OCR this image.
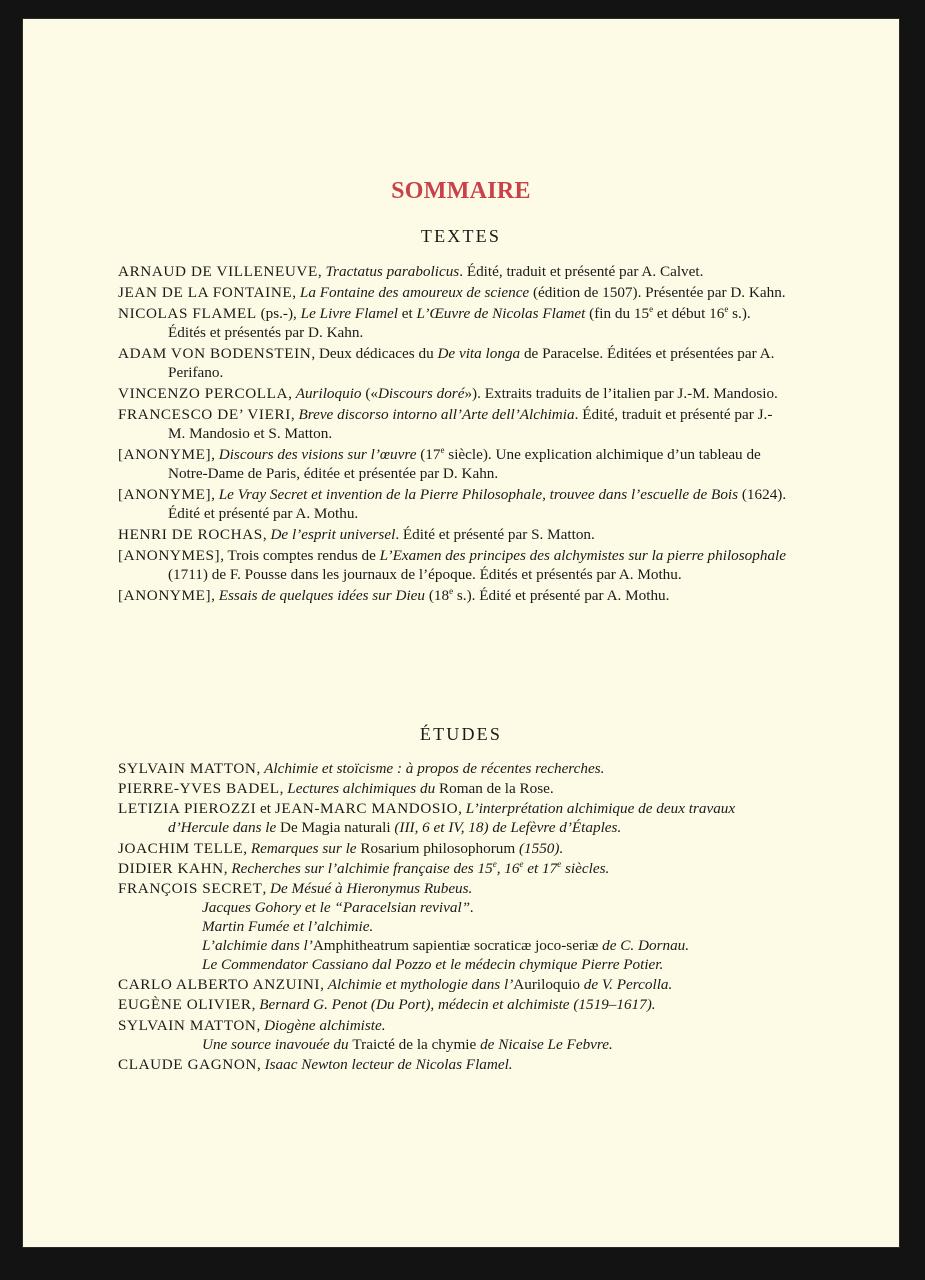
SOMMAIRE
TEXTES

ARNAUD DE VILLENEUVE, Tractatus parabolicus. Édité, traduit et présenté par A. Calvet.

JEAN DE LA FONTAINE, La Fontaine des amoureux de science (édition de 1507). Présentée par D. Kahn.

NICOLAS FLAMEL (ps.-), Le Livre Flamel et L’Œuvre de Nicolas Flamet (fin du 15e et début 16e s.). Édités et présentés par D. Kahn.

ADAM VON BODENSTEIN, Deux dédicaces du De vita longa de Paracelse. Éditées et présentées par A. Perifano.

VINCENZO PERCOLLA, Auriloquio («Discours doré»). Extraits traduits de l’italien par J.-M. Mandosio.

FRANCESCO DE’ VIERI, Breve discorso intorno all’Arte dell’Alchimia. Édité, traduit et présenté par J.-M. Mandosio et S. Matton.

[ANONYME], Discours des visions sur l’œuvre (17e siècle). Une explication alchimique d’un tableau de Notre-Dame de Paris, éditée et présentée par D. Kahn.

[ANONYME], Le Vray Secret et invention de la Pierre Philosophale, trouvee dans l’escuelle de Bois (1624). Édité et présenté par A. Mothu.

HENRI DE ROCHAS, De l’esprit universel. Édité et présenté par S. Matton.

[ANONYMES], Trois comptes rendus de L’Examen des principes des alchymistes sur la pierre philosophale (1711) de F. Pousse dans les journaux de l’époque. Édités et présentés par A. Mothu.

[ANONYME], Essais de quelques idées sur Dieu (18e s.). Édité et présenté par A. Mothu.

ÉTUDES

SYLVAIN MATTON, Alchimie et stoïcisme : à propos de récentes recherches.

PIERRE-YVES BADEL, Lectures alchimiques du Roman de la Rose.

LETIZIA PIEROZZI et JEAN-MARC MANDOSIO, L’interprétation alchimique de deux travaux d’Hercule dans le De Magia naturali (III, 6 et IV, 18) de Lefèvre d’Étaples.

JOACHIM TELLE, Remarques sur le Rosarium philosophorum (1550).

DIDIER KAHN, Recherches sur l’alchimie française des 15e, 16e et 17e siècles.

FRANÇOIS SECRET, De Mésué à Hieronymus Rubeus.
Jacques Gohory et le “Paracelsian revival”.
Martin Fumée et l’alchimie.
L’alchimie dans l’Amphitheatrum sapientiæ socraticæ joco-seriæ de C. Dornau.
Le Commendator Cassiano dal Pozzo et le médecin chymique Pierre Potier.

CARLO ALBERTO ANZUINI, Alchimie et mythologie dans l’Auriloquio de V. Percolla.

EUGÈNE OLIVIER, Bernard G. Penot (Du Port), médecin et alchimiste (1519–1617).

SYLVAIN MATTON, Diogène alchimiste.
Une source inavouée du Traicté de la chymie de Nicaise Le Febvre.

CLAUDE GAGNON, Isaac Newton lecteur de Nicolas Flamel.
